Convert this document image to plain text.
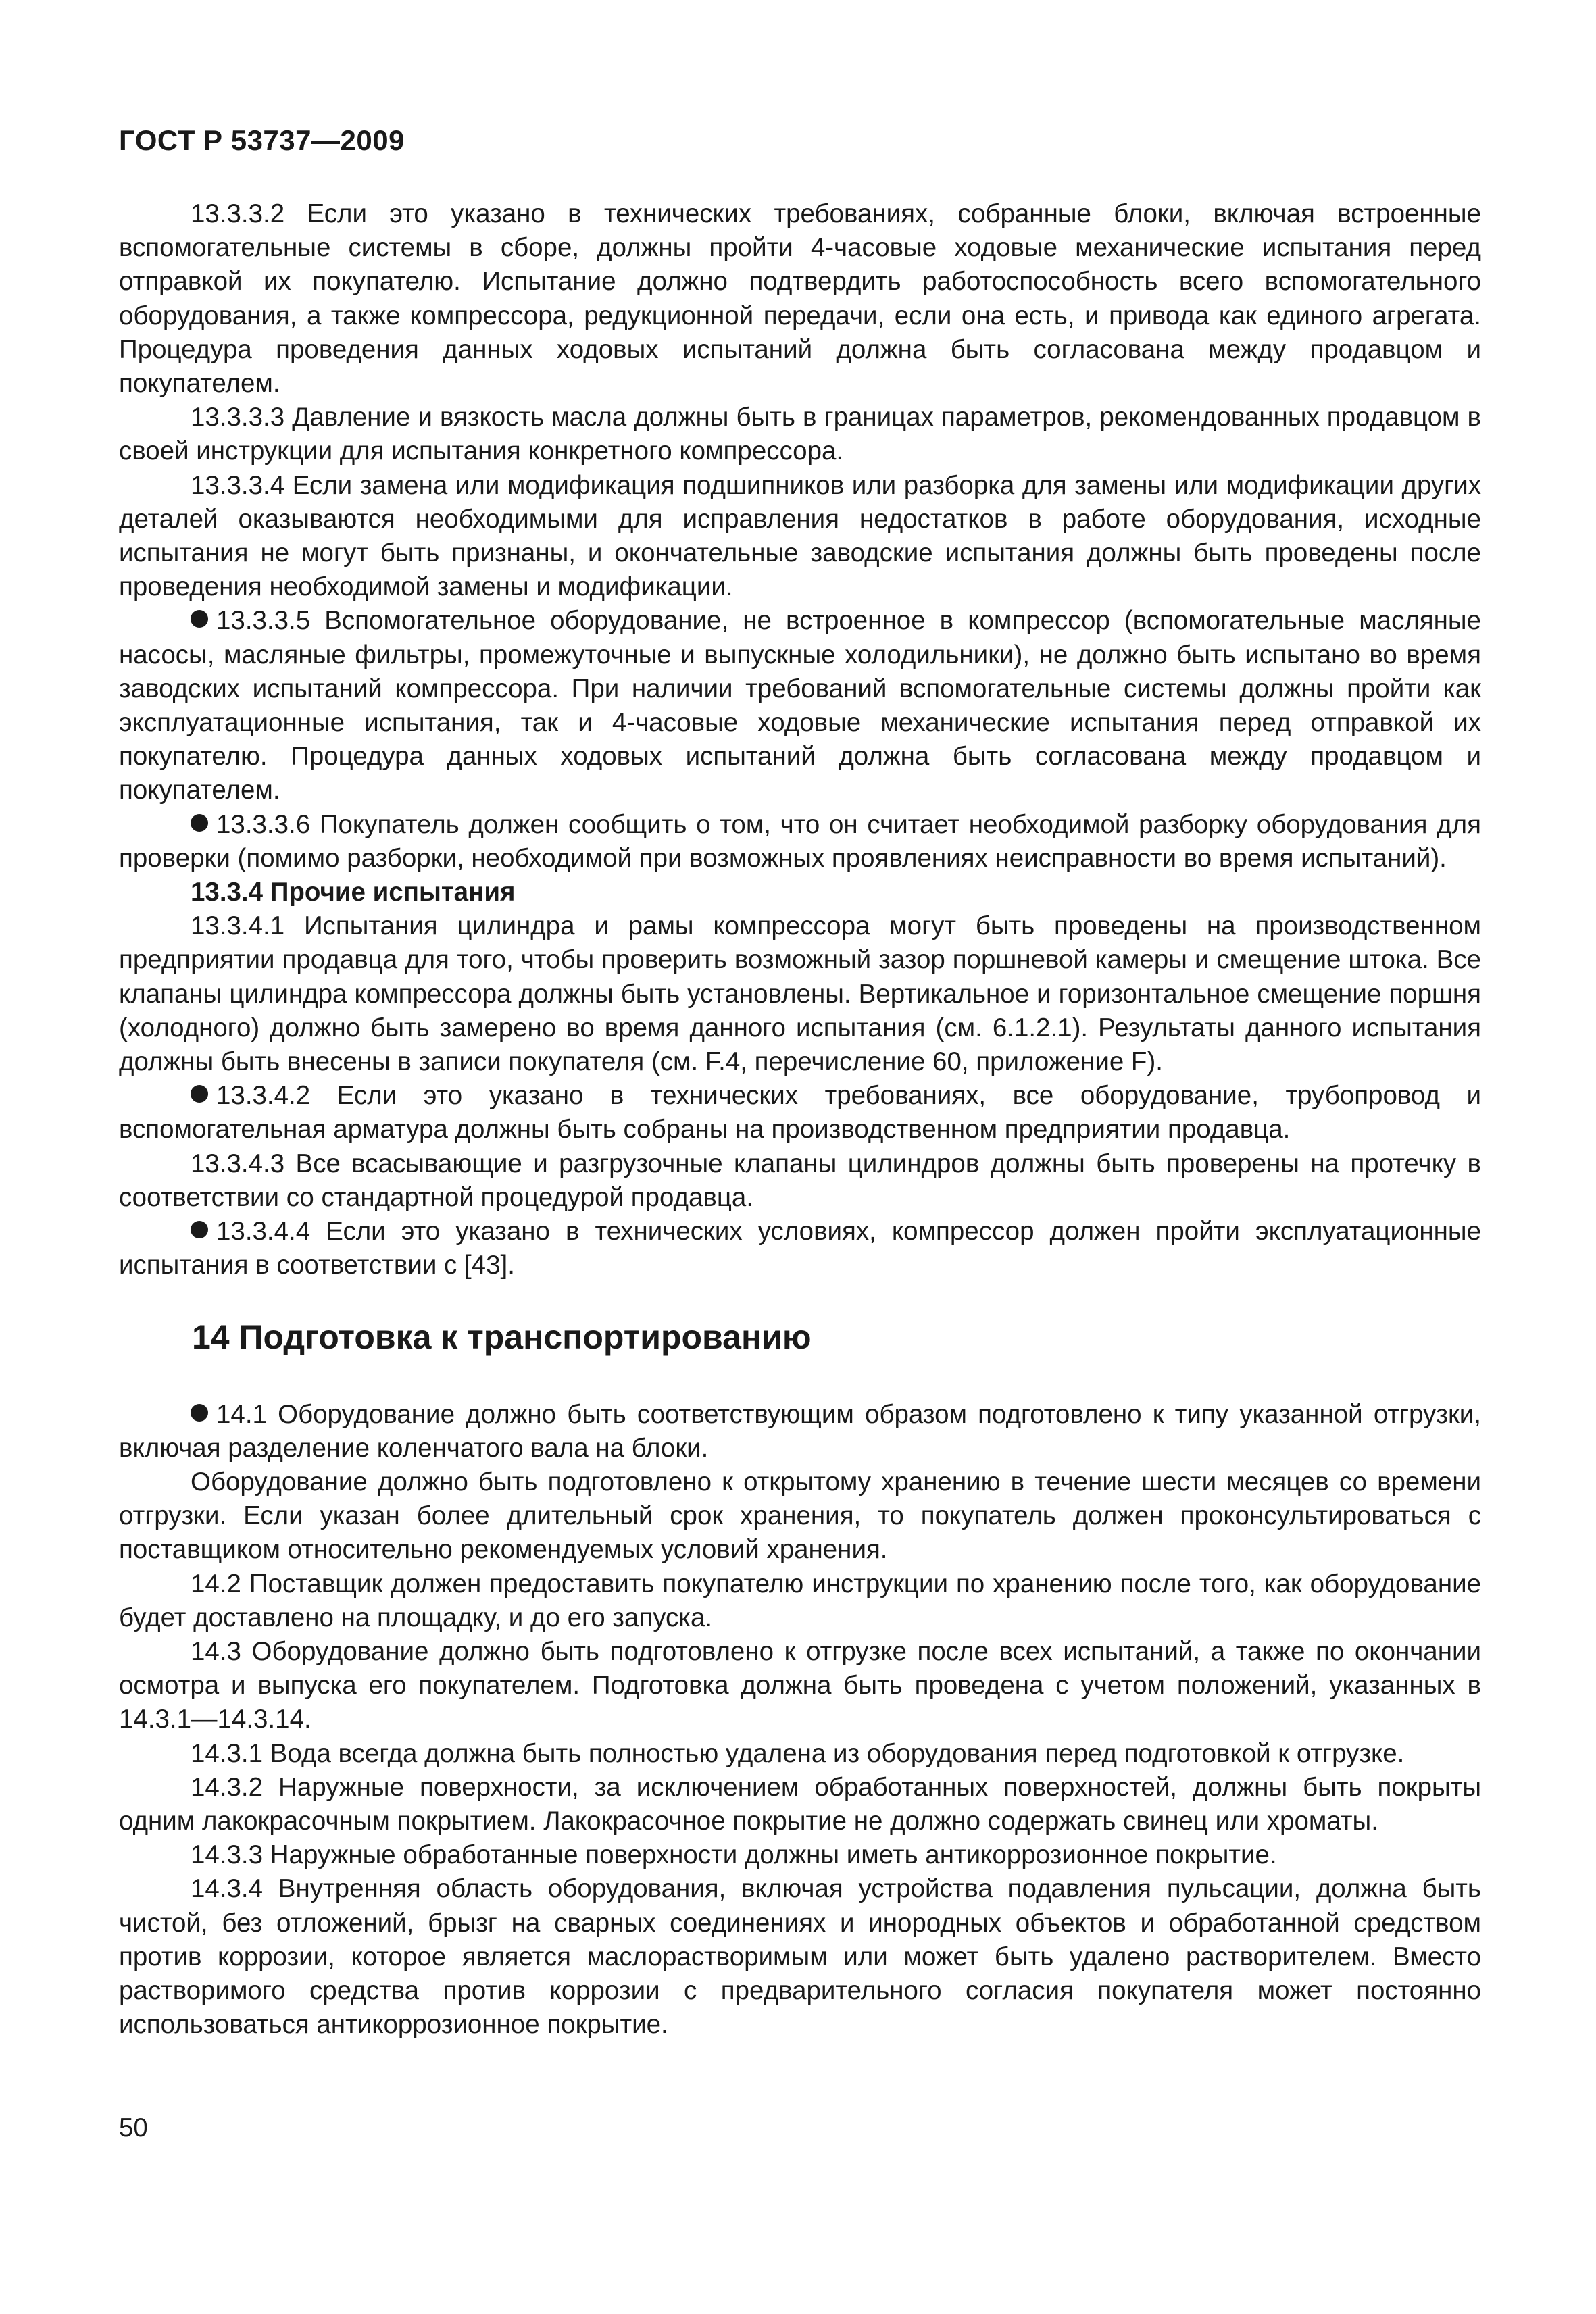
ГОСТ Р 53737—2009

13.3.3.2 Если это указано в технических требованиях, собранные блоки, включая встроенные вспомогательные системы в сборе, должны пройти 4-часовые ходовые механические испытания перед отправкой их покупателю. Испытание должно подтвердить работоспособность всего вспомогательного оборудования, а также компрессора, редукционной передачи, если она есть, и привода как единого агрегата. Процедура проведения данных ходовых испытаний должна быть согласована между продавцом и покупателем.

13.3.3.3 Давление и вязкость масла должны быть в границах параметров, рекомендованных продавцом в своей инструкции для испытания конкретного компрессора.

13.3.3.4 Если замена или модификация подшипников или разборка для замены или модификации других деталей оказываются необходимыми для исправления недостатков в работе оборудования, исходные испытания не могут быть признаны, и окончательные заводские испытания должны быть проведены после проведения необходимой замены и модификации.

13.3.3.5 Вспомогательное оборудование, не встроенное в компрессор (вспомогательные масляные насосы, масляные фильтры, промежуточные и выпускные холодильники), не должно быть испытано во время заводских испытаний компрессора. При наличии требований вспомогательные системы должны пройти как эксплуатационные испытания, так и 4-часовые ходовые механические испытания перед отправкой их покупателю. Процедура данных ходовых испытаний должна быть согласована между продавцом и покупателем.

13.3.3.6 Покупатель должен сообщить о том, что он считает необходимой разборку оборудования для проверки (помимо разборки, необходимой при возможных проявлениях неисправности во время испытаний).

13.3.4 Прочие испытания

13.3.4.1 Испытания цилиндра и рамы компрессора могут быть проведены на производственном предприятии продавца для того, чтобы проверить возможный зазор поршневой камеры и смещение штока. Все клапаны цилиндра компрессора должны быть установлены. Вертикальное и горизонтальное смещение поршня (холодного) должно быть замерено во время данного испытания (см. 6.1.2.1). Результаты данного испытания должны быть внесены в записи покупателя (см. F.4, перечисление 60, приложение F).

13.3.4.2 Если это указано в технических требованиях, все оборудование, трубопровод и вспомогательная арматура должны быть собраны на производственном предприятии продавца.

13.3.4.3 Все всасывающие и разгрузочные клапаны цилиндров должны быть проверены на протечку в соответствии со стандартной процедурой продавца.

13.3.4.4 Если это указано в технических условиях, компрессор должен пройти эксплуатационные испытания в соответствии с [43].

14 Подготовка к транспортированию

14.1 Оборудование должно быть соответствующим образом подготовлено к типу указанной отгрузки, включая разделение коленчатого вала на блоки.

Оборудование должно быть подготовлено к открытому хранению в течение шести месяцев со времени отгрузки. Если указан более длительный срок хранения, то покупатель должен проконсультироваться с поставщиком относительно рекомендуемых условий хранения.

14.2 Поставщик должен предоставить покупателю инструкции по хранению после того, как оборудование будет доставлено на площадку, и до его запуска.

14.3 Оборудование должно быть подготовлено к отгрузке после всех испытаний, а также по окончании осмотра и выпуска его покупателем. Подготовка должна быть проведена с учетом положений, указанных в 14.3.1—14.3.14.

14.3.1 Вода всегда должна быть полностью удалена из оборудования перед подготовкой к отгрузке.

14.3.2 Наружные поверхности, за исключением обработанных поверхностей, должны быть покрыты одним лакокрасочным покрытием. Лакокрасочное покрытие не должно содержать свинец или хроматы.

14.3.3 Наружные обработанные поверхности должны иметь антикоррозионное покрытие.

14.3.4 Внутренняя область оборудования, включая устройства подавления пульсации, должна быть чистой, без отложений, брызг на сварных соединениях и инородных объектов и обработанной средством против коррозии, которое является маслорастворимым или может быть удалено растворителем. Вместо растворимого средства против коррозии с предварительного согласия покупателя может постоянно использоваться антикоррозионное покрытие.

50
